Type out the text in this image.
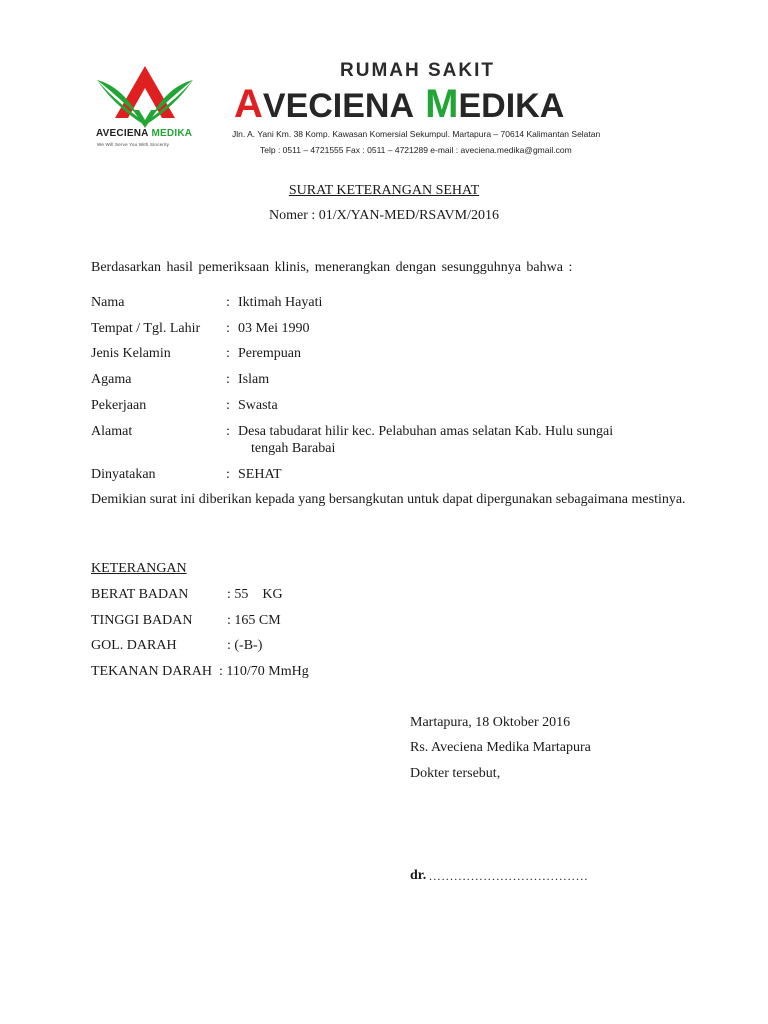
AVECIENA MEDIKA
We Will Serve You With Sincerity
RUMAH SAKIT
AVECIENA MEDIKA
Jln. A. Yani Km. 38 Komp. Kawasan Komersial Sekumpul. Martapura – 70614 Kalimantan Selatan
Telp : 0511 – 4721555 Fax : 0511 – 4721289 e-mail : aveciena.medika@gmail.com
SURAT KETERANGAN SEHAT
Nomer : 01/X/YAN-MED/RSAVM/2016
Berdasarkan hasil pemeriksaan klinis, menerangkan dengan sesungguhnya bahwa :
Nama	: Iktimah Hayati
Tempat / Tgl. Lahir : 03 Mei 1990
Jenis Kelamin	: Perempuan
Agama	: Islam
Pekerjaan	: Swasta
Alamat	: Desa tabudarat hilir kec. Pelabuhan amas selatan Kab. Hulu sungai
tengah Barabai
Dinyatakan	: SEHAT
Demikian surat ini diberikan kepada yang bersangkutan untuk dapat dipergunakan sebagaimana mestinya.
KETERANGAN
BERAT BADAN	: 55    KG
TINGGI BADAN : 165 CM
GOL. DARAH	: (-B-)
TEKANAN DARAH : 110/70 MmHg
Martapura, 18 Oktober 2016
Rs. Aveciena Medika Martapura
Dokter tersebut,
dr. ......................................
